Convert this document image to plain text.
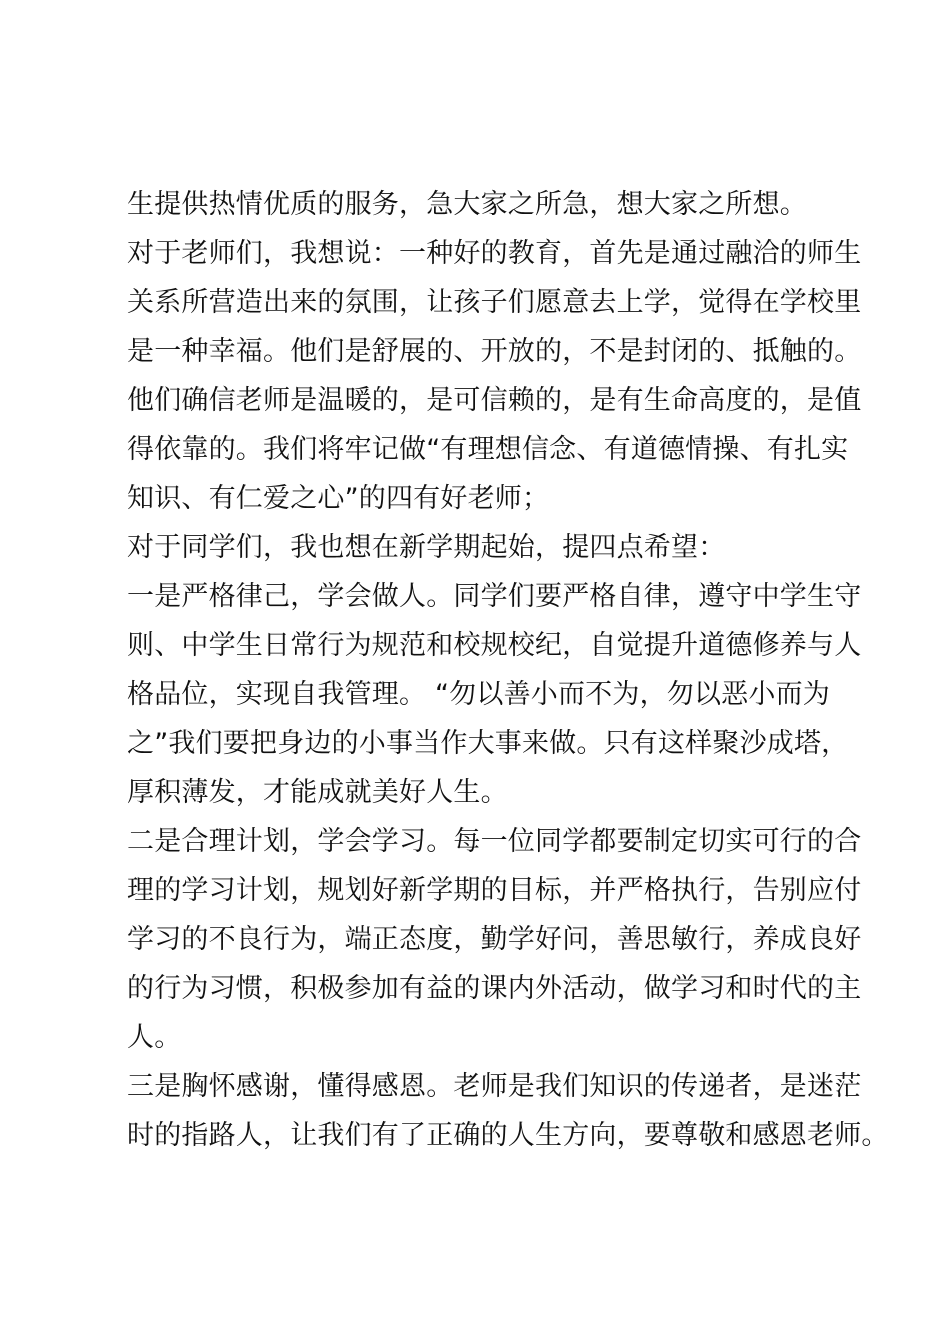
生提供热情优质的服务，急大家之所急，想大家之所想。

对于老师们，我想说：一种好的教育，首先是通过融洽的师生
关系所营造出来的氛围，让孩子们愿意去上学，觉得在学校里
是一种幸福。他们是舒展的、开放的，不是封闭的、抵触的。
他们确信老师是温暖的，是可信赖的，是有生命高度的，是值
得依靠的。我们将牢记做“有理想信念、有道德情操、有扎实
知识、有仁爱之心”的四有好老师；

对于同学们，我也想在新学期起始，提四点希望：

一是严格律己，学会做人。同学们要严格自律，遵守中学生守
则、中学生日常行为规范和校规校纪，自觉提升道德修养与人
格品位，实现自我管理。 “勿以善小而不为，勿以恶小而为
之”我们要把身边的小事当作大事来做。只有这样聚沙成塔，
厚积薄发，才能成就美好人生。

二是合理计划，学会学习。每一位同学都要制定切实可行的合
理的学习计划，规划好新学期的目标，并严格执行，告别应付
学习的不良行为，端正态度，勤学好问，善思敏行，养成良好
的行为习惯，积极参加有益的课内外活动，做学习和时代的主
人。

三是胸怀感谢，懂得感恩。老师是我们知识的传递者，是迷茫
时的指路人，让我们有了正确的人生方向，要尊敬和感恩老师。
